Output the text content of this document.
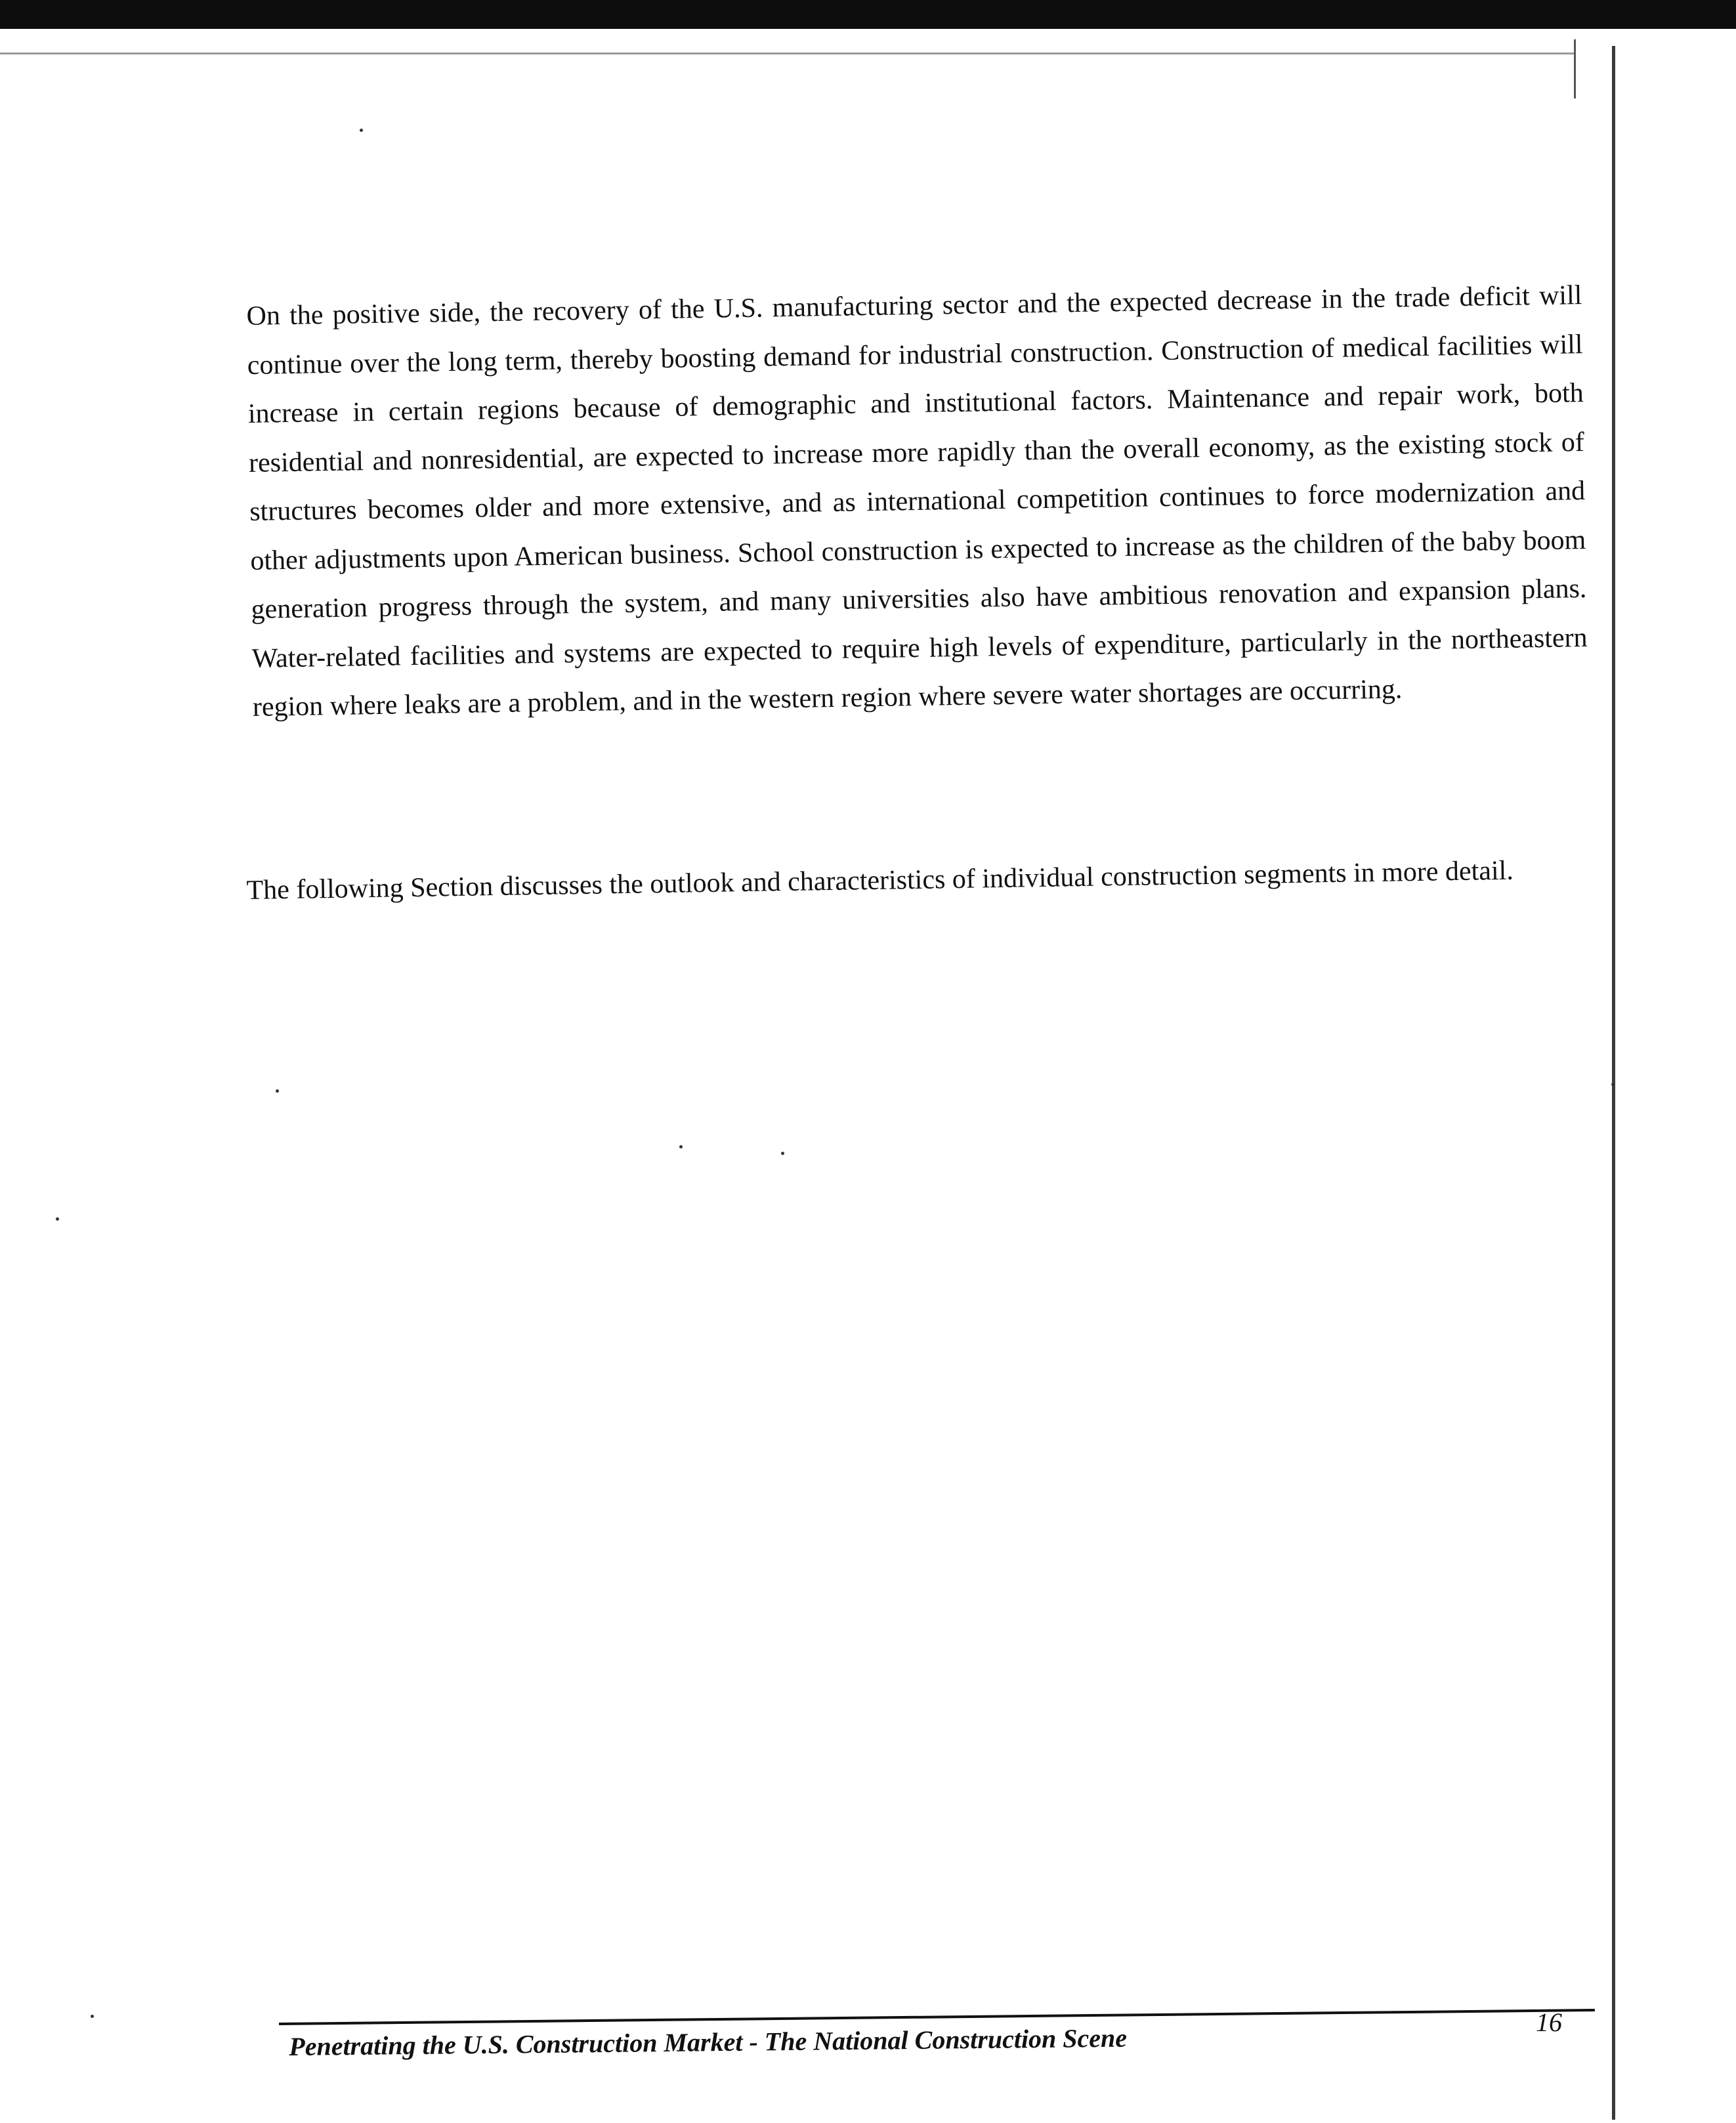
On the positive side, the recovery of the U.S. manufacturing sector and the expected decrease in the trade deficit will continue over the long term, thereby boosting demand for industrial construction. Construction of medical facilities will increase in certain regions because of demographic and institutional factors. Maintenance and repair work, both residential and nonresidential, are expected to increase more rapidly than the overall economy, as the existing stock of structures becomes older and more extensive, and as international competition continues to force modernization and other adjustments upon American business. School construction is expected to increase as the children of the baby boom generation progress through the system, and many universities also have ambitious renovation and expansion plans. Water-related facilities and systems are expected to require high levels of expenditure, particularly in the northeastern region where leaks are a problem, and in the western region where severe water shortages are occurring.

The following Section discusses the outlook and characteristics of individual construction segments in more detail.

Penetrating the U.S. Construction Market - The National Construction Scene
16
